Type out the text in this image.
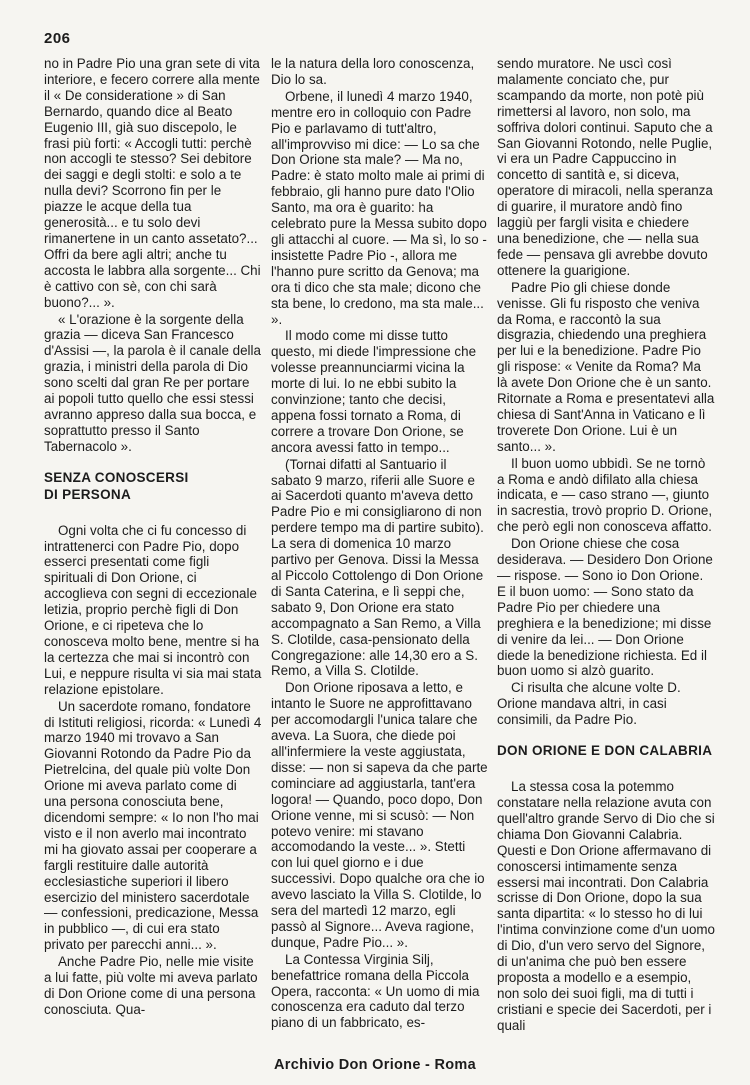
206

no in Padre Pio una gran sete di vita interiore, e fecero correre alla mente il « De consideratione » di San Bernardo, quando dice al Beato Eugenio III, già suo discepolo, le frasi più forti: « Accogli tutti: perchè non accogli te stesso? Sei debitore dei saggi e degli stolti: e solo a te nulla devi? Scorrono fin per le piazze le acque della tua generosità... e tu solo devi rimanertene in un canto assetato?... Offri da bere agli altri; anche tu accosta le labbra alla sorgente... Chi è cattivo con sè, con chi sarà buono?... ».

« L'orazione è la sorgente della grazia — diceva San Francesco d'Assisi —, la parola è il canale della grazia, i ministri della parola di Dio sono scelti dal gran Re per portare ai popoli tutto quello che essi stessi avranno appreso dalla sua bocca, e soprattutto presso il Santo Tabernacolo ».

SENZA CONOSCERSI
DI PERSONA

Ogni volta che ci fu concesso di intrattenerci con Padre Pio, dopo esserci presentati come figli spirituali di Don Orione, ci accoglieva con segni di eccezionale letizia, proprio perchè figli di Don Orione, e ci ripeteva che lo conosceva molto bene, mentre si ha la certezza che mai si incontrò con Lui, e neppure risulta vi sia mai stata relazione epistolare.

Un sacerdote romano, fondatore di Istituti religiosi, ricorda: « Lunedì 4 marzo 1940 mi trovavo a San Giovanni Rotondo da Padre Pio da Pietrelcina, del quale più volte Don Orione mi aveva parlato come di una persona conosciuta bene, dicendomi sempre: « Io non l'ho mai visto e il non averlo mai incontrato mi ha giovato assai per cooperare a fargli restituire dalle autorità ecclesiastiche superiori il libero esercizio del ministero sacerdotale — confessioni, predicazione, Messa in pubblico —, di cui era stato privato per parecchi anni... ».

Anche Padre Pio, nelle mie visite a lui fatte, più volte mi aveva parlato di Don Orione come di una persona conosciuta. Qua-

le la natura della loro conoscenza, Dio lo sa.

Orbene, il lunedì 4 marzo 1940, mentre ero in colloquio con Padre Pio e parlavamo di tutt'altro, all'improvviso mi dice: — Lo sa che Don Orione sta male? — Ma no, Padre: è stato molto male ai primi di febbraio, gli hanno pure dato l'Olio Santo, ma ora è guarito: ha celebrato pure la Messa subito dopo gli attacchi al cuore. — Ma sì, lo so - insistette Padre Pio -, allora me l'hanno pure scritto da Genova; ma ora ti dico che sta male; dicono che sta bene, lo credono, ma sta male... ».

Il modo come mi disse tutto questo, mi diede l'impressione che volesse preannunciarmi vicina la morte di lui. Io ne ebbi subito la convinzione; tanto che decisi, appena fossi tornato a Roma, di correre a trovare Don Orione, se ancora avessi fatto in tempo...

(Tornai difatti al Santuario il sabato 9 marzo, riferii alle Suore e ai Sacerdoti quanto m'aveva detto Padre Pio e mi consigliarono di non perdere tempo ma di partire subito). La sera di domenica 10 marzo partivo per Genova. Dissi la Messa al Piccolo Cottolengo di Don Orione di Santa Caterina, e lì seppi che, sabato 9, Don Orione era stato accompagnato a San Remo, a Villa S. Clotilde, casa-pensionato della Congregazione: alle 14,30 ero a S. Remo, a Villa S. Clotilde.

Don Orione riposava a letto, e intanto le Suore ne approfittavano per accomodargli l'unica talare che aveva. La Suora, che diede poi all'infermiere la veste aggiustata, disse: — non si sapeva da che parte cominciare ad aggiustarla, tant'era logora! — Quando, poco dopo, Don Orione venne, mi si scusò: — Non potevo venire: mi stavano accomodando la veste... ». Stetti con lui quel giorno e i due successivi. Dopo qualche ora che io avevo lasciato la Villa S. Clotilde, lo sera del martedì 12 marzo, egli passò al Signore... Aveva ragione, dunque, Padre Pio... ».

La Contessa Virginia Silj, benefattrice romana della Piccola Opera, racconta: « Un uomo di mia conoscenza era caduto dal terzo piano di un fabbricato, es-

sendo muratore. Ne uscì così malamente conciato che, pur scampando da morte, non potè più rimettersi al lavoro, non solo, ma soffriva dolori continui. Saputo che a San Giovanni Rotondo, nelle Puglie, vi era un Padre Cappuccino in concetto di santità e, si diceva, operatore di miracoli, nella speranza di guarire, il muratore andò fino laggiù per fargli visita e chiedere una benedizione, che — nella sua fede — pensava gli avrebbe dovuto ottenere la guarigione.

Padre Pio gli chiese donde venisse. Gli fu risposto che veniva da Roma, e raccontò la sua disgrazia, chiedendo una preghiera per lui e la benedizione. Padre Pio gli rispose: « Venite da Roma? Ma là avete Don Orione che è un santo. Ritornate a Roma e presentatevi alla chiesa di Sant'Anna in Vaticano e lì troverete Don Orione. Lui è un santo... ».

Il buon uomo ubbidì. Se ne tornò a Roma e andò difilato alla chiesa indicata, e — caso strano —, giunto in sacrestia, trovò proprio D. Orione, che però egli non conosceva affatto.

Don Orione chiese che cosa desiderava. — Desidero Don Orione — rispose. — Sono io Don Orione. E il buon uomo: — Sono stato da Padre Pio per chiedere una preghiera e la benedizione; mi disse di venire da lei... — Don Orione diede la benedizione richiesta. Ed il buon uomo si alzò guarito.

Ci risulta che alcune volte D. Orione mandava altri, in casi consimili, da Padre Pio.

DON ORIONE E DON CALABRIA

La stessa cosa la potemmo constatare nella relazione avuta con quell'altro grande Servo di Dio che si chiama Don Giovanni Calabria. Questi e Don Orione affermavano di conoscersi intimamente senza essersi mai incontrati. Don Calabria scrisse di Don Orione, dopo la sua santa dipartita: « lo stesso ho di lui l'intima convinzione come d'un uomo di Dio, d'un vero servo del Signore, di un'anima che può ben essere proposta a modello e a esempio, non solo dei suoi figli, ma di tutti i cristiani e specie dei Sacerdoti, per i quali

Archivio Don Orione - Roma
